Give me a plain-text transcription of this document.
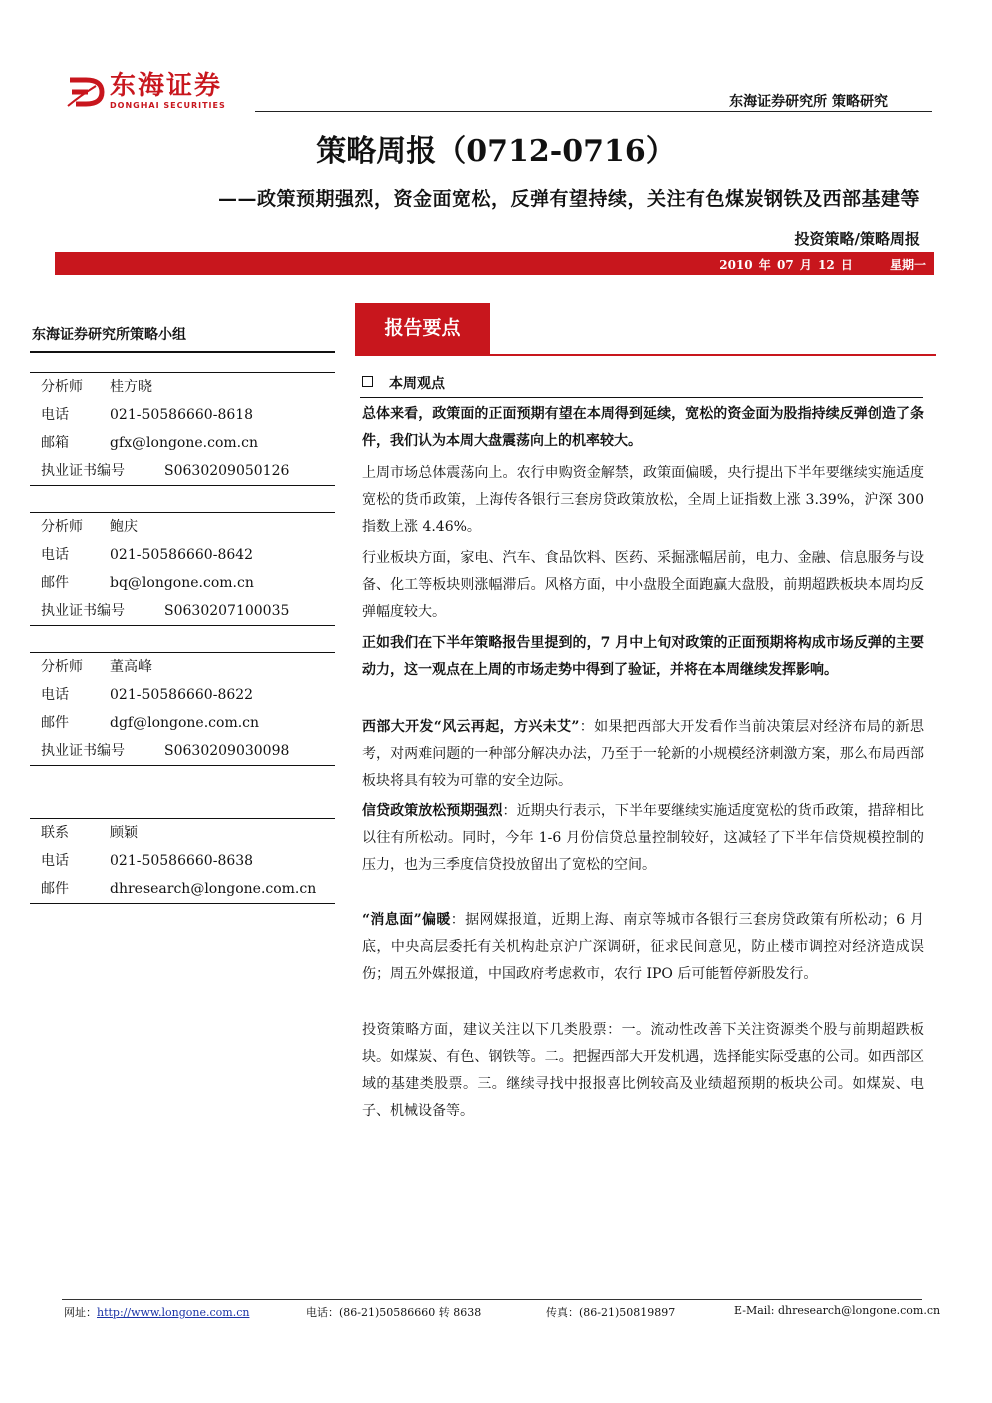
东海证券
DONGHAI SECURITIES	东海证券研究所 策略研究
策略周报（0712-0716）
——政策预期强烈，资金面宽松，反弹有望持续，关注有色煤炭钢铁及西部基建等
投资策略/策略周报
2010 年 07 月 12 日	星期一
东海证券研究所策略小组
分析师 桂方晓
电话	021-50586660-8618
邮箱	gfx@longone.com.cn
执业证书编号	S0630209050126
分析师 鲍庆
电话	021-50586660-8642
邮件	bq@longone.com.cn
执业证书编号	S0630207100035
分析师 董高峰
电话	021-50586660-8622
邮件	dgf@longone.com.cn
执业证书编号	S0630209030098
联系	顾颖
电话	021-50586660-8638
邮件	dhresearch@longone.com.cn
报告要点
本周观点
总体来看，政策面的正面预期有望在本周得到延续，宽松的资金面为股指持续反弹创造了条件，我们认为本周大盘震荡向上的机率较大。
上周市场总体震荡向上。农行申购资金解禁，政策面偏暖，央行提出下半年要继续实施适度宽松的货币政策，上海传各银行三套房贷政策放松，全周上证指数上涨 3.39%，沪深 300 指数上涨 4.46%。
行业板块方面，家电、汽车、食品饮料、医药、采掘涨幅居前，电力、金融、信息服务与设备、化工等板块则涨幅滞后。风格方面，中小盘股全面跑赢大盘股，前期超跌板块本周均反弹幅度较大。
正如我们在下半年策略报告里提到的，7 月中上旬对政策的正面预期将构成市场反弹的主要动力，这一观点在上周的市场走势中得到了验证，并将在本周继续发挥影响。
西部大开发“风云再起，方兴未艾”：如果把西部大开发看作当前决策层对经济布局的新思考，对两难问题的一种部分解决办法，乃至于一轮新的小规模经济刺激方案，那么布局西部板块将具有较为可靠的安全边际。
信贷政策放松预期强烈：近期央行表示，下半年要继续实施适度宽松的货币政策，措辞相比以往有所松动。同时，今年 1-6 月份信贷总量控制较好，这减轻了下半年信贷规模控制的压力，也为三季度信贷投放留出了宽松的空间。
“消息面”偏暖：据网媒报道，近期上海、南京等城市各银行三套房贷政策有所松动；6 月底，中央高层委托有关机构赴京沪广深调研，征求民间意见，防止楼市调控对经济造成误伤；周五外媒报道，中国政府考虑救市，农行 IPO 后可能暂停新股发行。
投资策略方面，建议关注以下几类股票：一。流动性改善下关注资源类个股与前期超跌板块。如煤炭、有色、钢铁等。二。把握西部大开发机遇，选择能实际受惠的公司。如西部区域的基建类股票。三。继续寻找中报报喜比例较高及业绩超预期的板块公司。如煤炭、电子、机械设备等。
网址：http://www.longone.com.cn	电话：(86-21)50586660 转 8638	传真：(86-21)50819897	E-Mail: dhresearch@longone.com.cn
